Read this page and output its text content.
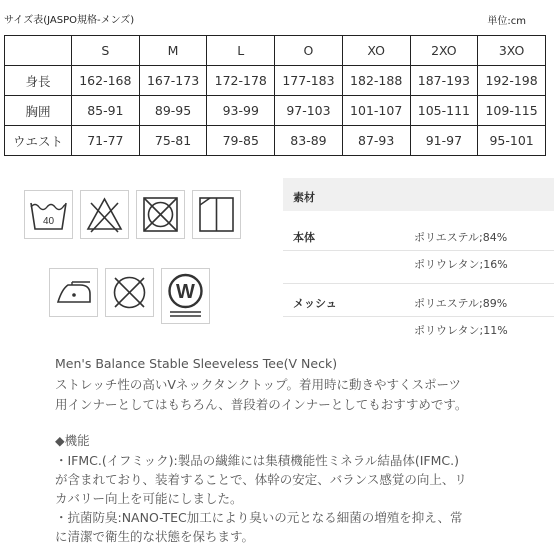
サイズ表(JASPO規格-メンズ)	単位:cm
	S	M	L	O	XO	2XO	3XO
身長	162-168	167-173	172-178	177-183	182-188	187-193	192-198
胸囲	85-91	89-95	93-99	97-103	101-107	105-111	109-115
ウエスト	71-77	75-81	79-85	83-89	87-93	91-97	95-101
40
W
素材
本体	ポリエステル;84%
ポリウレタン;16%
メッシュ	ポリエステル;89%
ポリウレタン;11%
Men's Balance Stable Sleeveless Tee(V Neck)
ストレッチ性の高いVネックタンクトップ。着用時に動きやすくスポーツ
用インナーとしてはもちろん、普段着のインナーとしてもおすすめです。
◆機能
・IFMC.(イフミック):製品の繊維には集積機能性ミネラル結晶体(IFMC.)
が含まれており、装着することで、体幹の安定、バランス感覚の向上、リ
カバリー向上を可能にしました。
・抗菌防臭:NANO-TEC加工により臭いの元となる細菌の増殖を抑え、常
に清潔で衛生的な状態を保ちます。
